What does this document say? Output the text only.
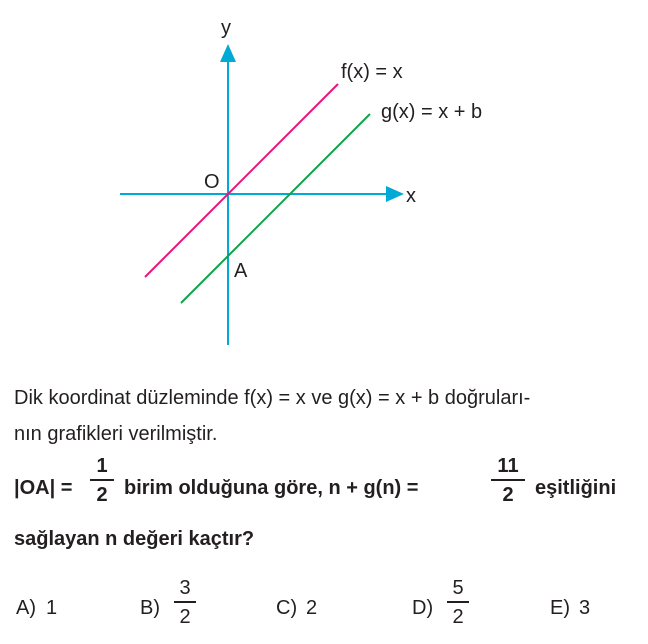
y
x
O
A
f(x) = x
g(x) = x + b
Dik koordinat düzleminde f(x) = x ve g(x) = x + b doğruları-
nın grafikleri verilmiştir.
|OA| =
1
2 birim olduğuna göre, n + g(n) =
11
2 eşitliğini
sağlayan n değeri kaçtır?
A) 1	B)
3
2	C) 2	D)
5
2	E) 3
